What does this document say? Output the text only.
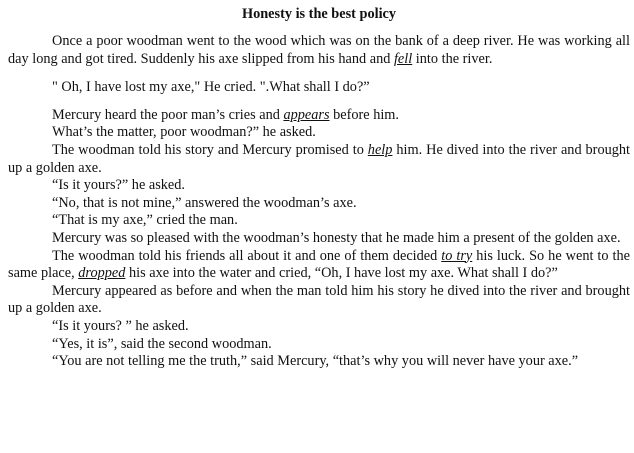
Honesty is the best policy

Once a poor woodman went to the wood which was on the bank of a deep river. He was working all day long and got tired. Suddenly his axe slipped from his hand and fell into the river.

" Oh, I have lost my axe," He cried. ".What shall I do?”

Mercury heard the poor man’s cries and appears before him.

What’s the matter, poor woodman?” he asked.

The woodman told his story and Mercury promised to help him. He dived into the river and brought up a golden axe.

“Is it yours?” he asked.

“No, that is not mine,” answered the woodman’s axe.

“That is my axe,” cried the man.

Mercury was so pleased with the woodman’s honesty that he made him a present of the golden axe.

The woodman told his friends all about it and one of them decided to try his luck. So he went to the same place, dropped his axe into the water and cried, “Oh, I have lost my axe. What shall I do?”

Mercury appeared as before and when the man told him his story he dived into the river and brought up a golden axe.

“Is it yours? ” he asked.

“Yes, it is”, said the second woodman.

“You are not telling me the truth,” said Mercury, “that’s why you will never have your axe.”
